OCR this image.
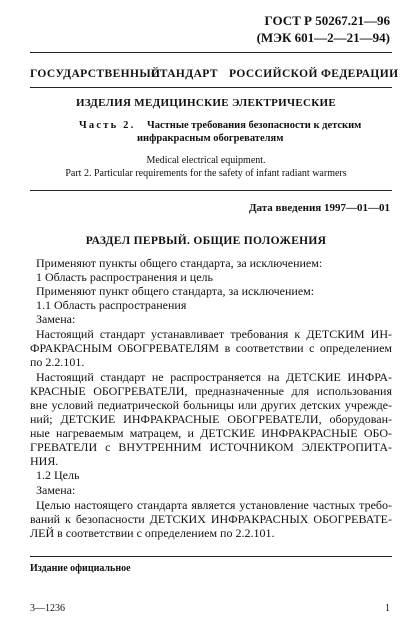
ГОСТ Р 50267.21—96
(МЭК 601—2—21—94)
ГОСУДАРСТВЕННЫЙ
СТАНДАРТ РОССИЙСКОЙ ФЕДЕРАЦИИ
ИЗДЕЛИЯ МЕДИЦИНСКИЕ ЭЛЕКТРИЧЕСКИЕ
Часть 2. Частные требования безопасности к детским
инфракрасным обогревателям
Medical electrical equipment.
Part 2. Particular requirements for the safety of infant radiant warmers
Дата введения 1997—01—01
РАЗДЕЛ ПЕРВЫЙ. ОБЩИЕ ПОЛОЖЕНИЯ
Применяют пункты общего стандарта, за исключением:
1 Область распространения и цель
Применяют пункт общего стандарта, за исключением:
1.1 Область распространения
Замена:
Настоящий стандарт устанавливает требования к ДЕТСКИМ ИН-
ФРАКРАСНЫМ ОБОГРЕВАТЕЛЯМ в соответствии с определением
по 2.2.101.
Настоящий стандарт не распространяется на ДЕТСКИЕ ИНФРА-
КРАСНЫЕ ОБОГРЕВАТЕЛИ, предназначенные для использования
вне условий педиатрической больницы или других детских учрежде-
ний; ДЕТСКИЕ ИНФРАКРАСНЫЕ ОБОГРЕВАТЕЛИ, оборудован-
ные нагреваемым матрацем, и ДЕТСКИЕ ИНФРАКРАСНЫЕ ОБО-
ГРЕВАТЕЛИ с ВНУТРЕННИМ ИСТОЧНИКОМ ЭЛЕКТРОПИТА-
НИЯ.
1.2 Цель
Замена:
Целью настоящего стандарта является установление частных требо-
ваний к безопасности ДЕТСКИХ ИНФРАКРАСНЫХ ОБОГРЕВАТЕ-
ЛЕЙ в соответствии с определением по 2.2.101.
Издание официальное
3—1236	1
